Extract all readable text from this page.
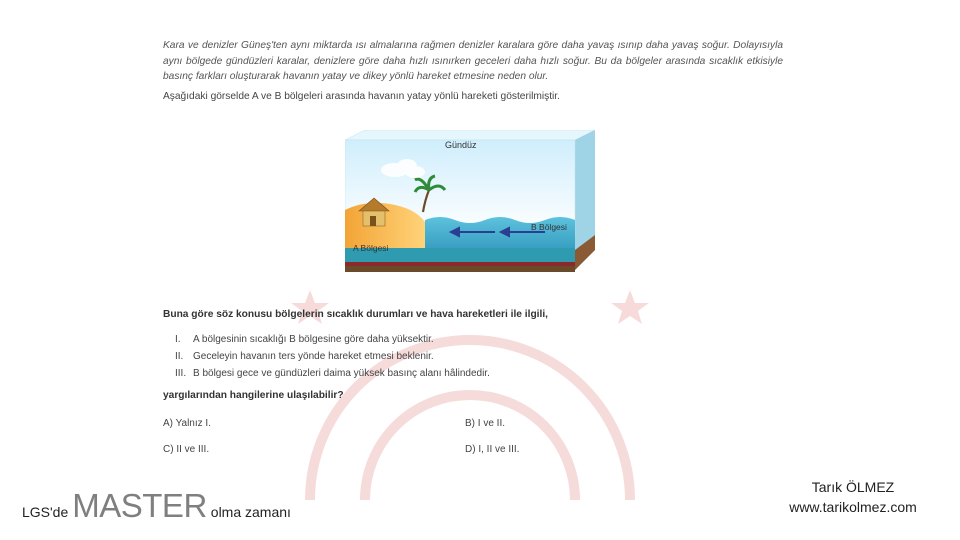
Kara ve denizler Güneş'ten aynı miktarda ısı almalarına rağmen denizler karalara göre daha yavaş ısınıp daha yavaş soğur. Dolayısıyla aynı bölgede gündüzleri karalar, denizlere göre daha hızlı ısınırken geceleri daha hızlı soğur. Bu da bölgeler arasında sıcaklık etkisiyle basınç farkları oluşturarak havanın yatay ve dikey yönlü hareket etmesine neden olur.
Aşağıdaki görselde A ve B bölgeleri arasında havanın yatay yönlü hareketi gösterilmiştir.
Gündüz
B Bölgesi
A Bölgesi
Buna göre söz konusu bölgelerin sıcaklık durumları ve hava hareketleri ile ilgili,
I. A bölgesinin sıcaklığı B bölgesine göre daha yüksektir.
II. Geceleyin havanın ters yönde hareket etmesi beklenir.
III. B bölgesi gece ve gündüzleri daima yüksek basınç alanı hâlindedir.
yargılarından hangilerine ulaşılabilir?
A) Yalnız I.	B) I ve II.
C) II ve III.	D) I, II ve III.
LGS'de MASTER olma zamanı
Tarık ÖLMEZ
www.tarikolmez.com
